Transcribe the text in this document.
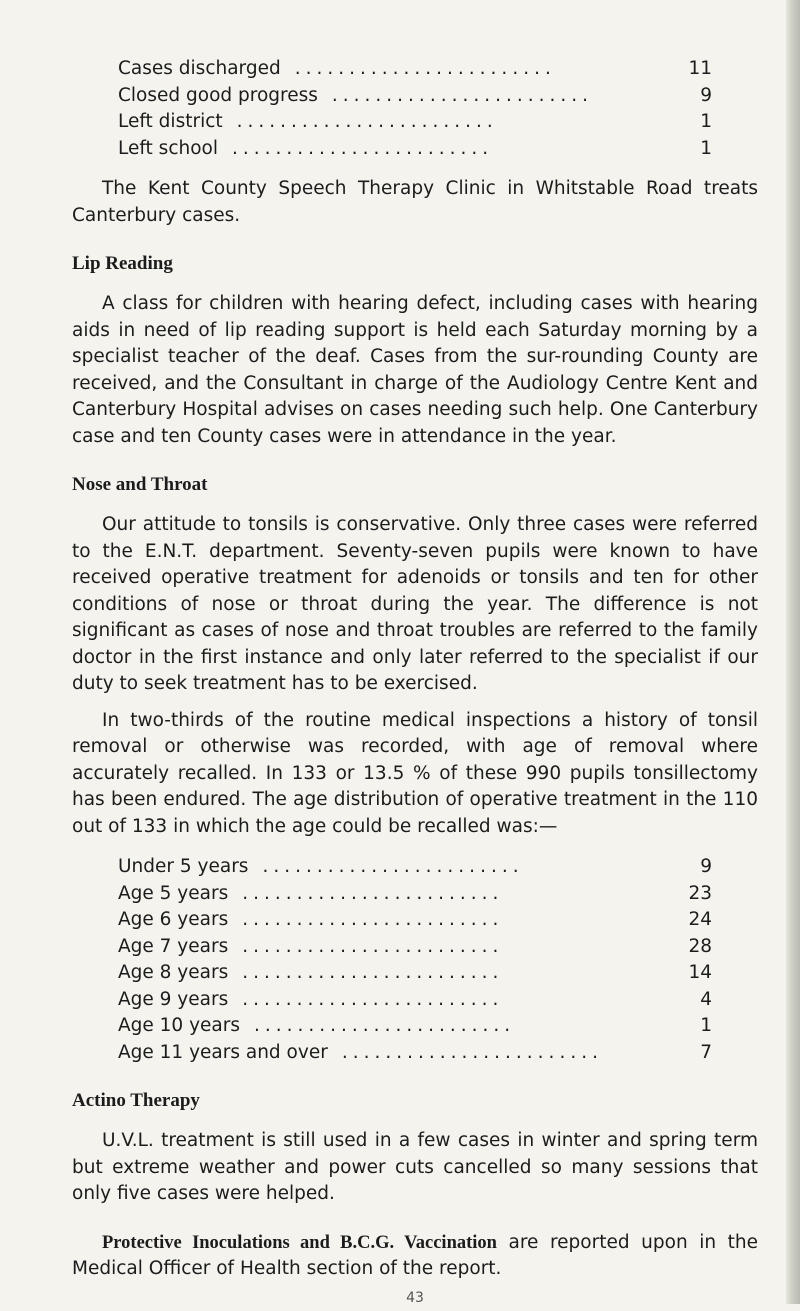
Cases discharged ........................	11
Closed good progress ........................	9
Left district ........................	1
Left school ........................	1

The Kent County Speech Therapy Clinic in Whitstable Road treats Canterbury cases.

Lip Reading

A class for children with hearing defect, including cases with hearing aids in need of lip reading support is held each Saturday morning by a specialist teacher of the deaf. Cases from the sur-rounding County are received, and the Consultant in charge of the Audiology Centre Kent and Canterbury Hospital advises on cases needing such help. One Canterbury case and ten County cases were in attendance in the year.

Nose and Throat

Our attitude to tonsils is conservative. Only three cases were referred to the E.N.T. department. Seventy-seven pupils were known to have received operative treatment for adenoids or tonsils and ten for other conditions of nose or throat during the year. The difference is not significant as cases of nose and throat troubles are referred to the family doctor in the first instance and only later referred to the specialist if our duty to seek treatment has to be exercised.

In two-thirds of the routine medical inspections a history of tonsil removal or otherwise was recorded, with age of removal where accurately recalled. In 133 or 13.5 % of these 990 pupils tonsillectomy has been endured. The age distribution of operative treatment in the 110 out of 133 in which the age could be recalled was:—

Under 5 years ........................	9
Age 5 years ........................	23
Age 6 years ........................	24
Age 7 years ........................	28
Age 8 years ........................	14
Age 9 years ........................	4
Age 10 years ........................	1
Age 11 years and over ........................	7
Actino Therapy

U.V.L. treatment is still used in a few cases in winter and spring term but extreme weather and power cuts cancelled so many sessions that only five cases were helped.

Protective Inoculations and B.C.G. Vaccination are reported upon in the Medical Officer of Health section of the report.

43
